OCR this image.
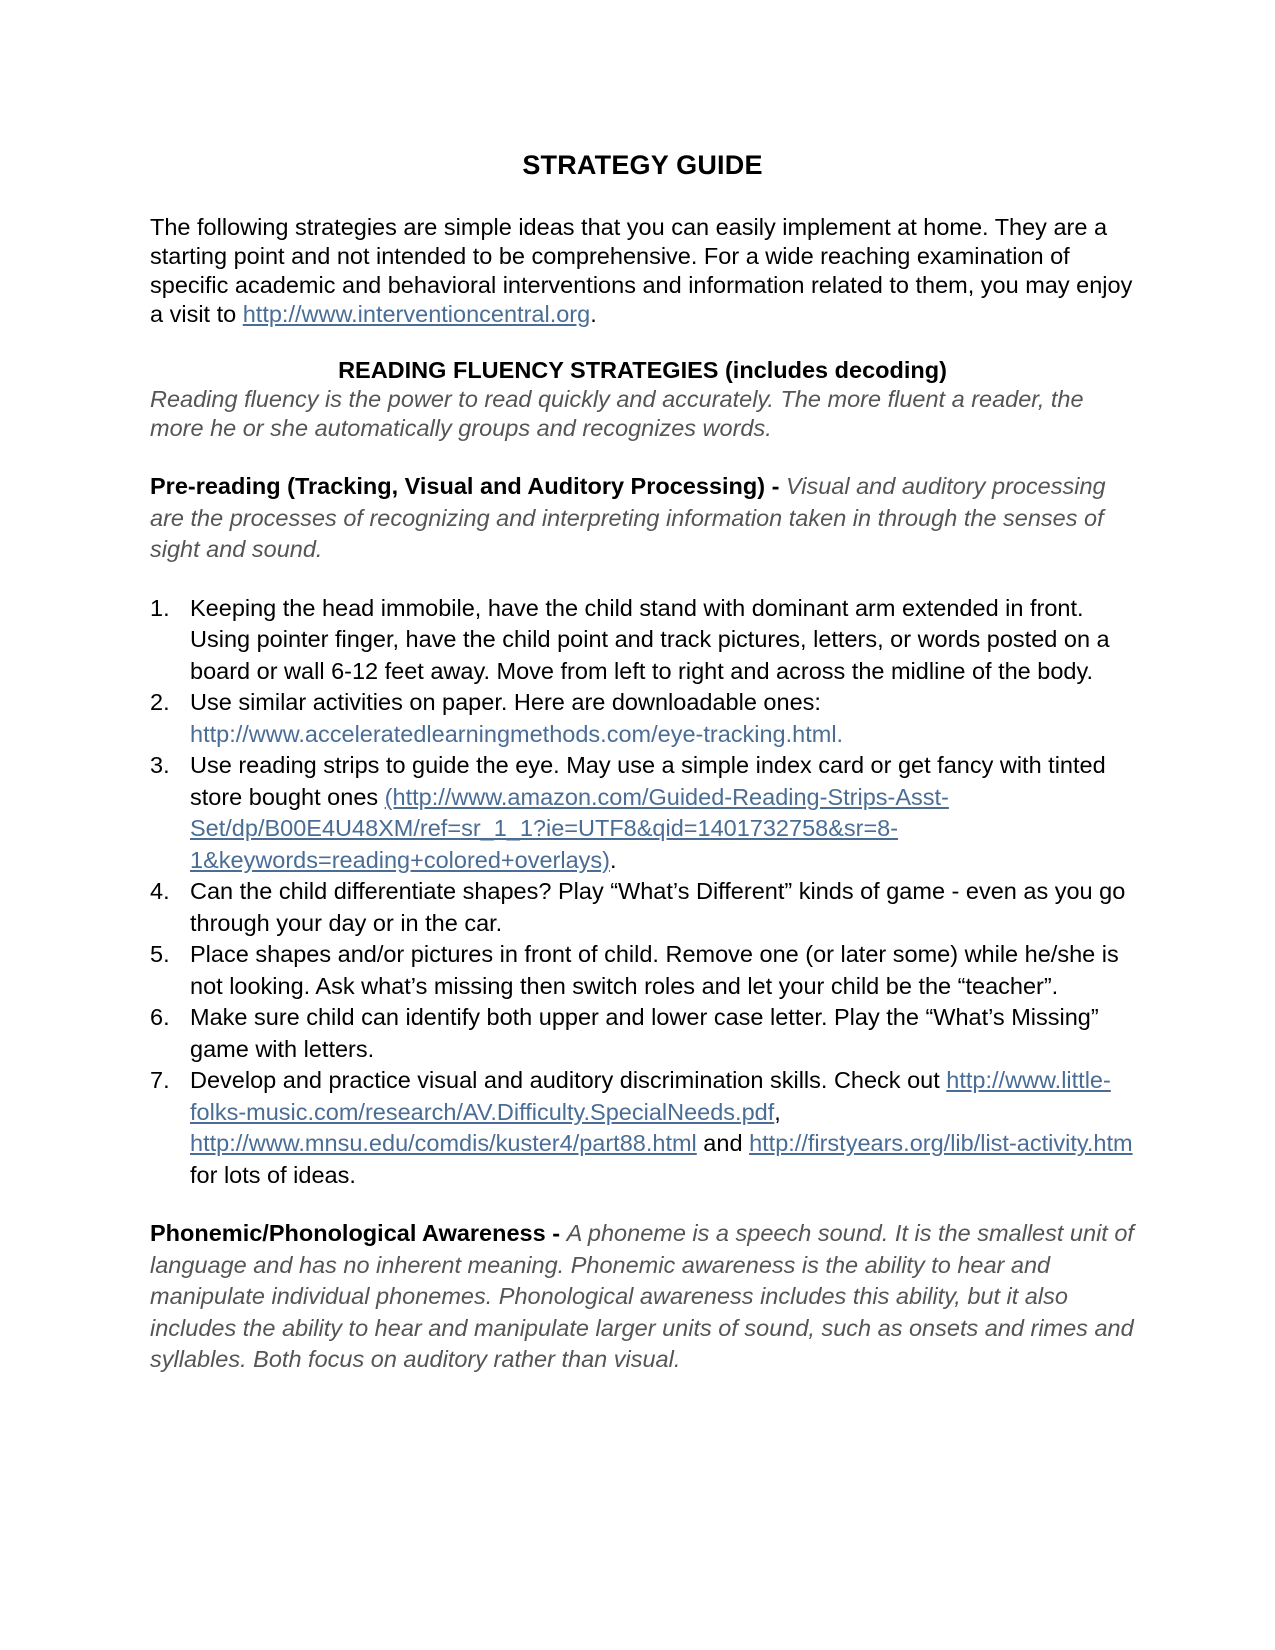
STRATEGY GUIDE

The following strategies are simple ideas that you can easily implement at home. They are a starting point and not intended to be comprehensive. For a wide reaching examination of specific academic and behavioral interventions and information related to them, you may enjoy a visit to http://www.interventioncentral.org.

READING FLUENCY STRATEGIES (includes decoding)

Reading fluency is the power to read quickly and accurately. The more fluent a reader, the more he or she automatically groups and recognizes words.

Pre-reading (Tracking, Visual and Auditory Processing) - Visual and auditory processing are the processes of recognizing and interpreting information taken in through the senses of sight and sound.

1. Keeping the head immobile, have the child stand with dominant arm extended in front. Using pointer finger, have the child point and track pictures, letters, or words posted on a board or wall 6-12 feet away. Move from left to right and across the midline of the body.
2. Use similar activities on paper. Here are downloadable ones: http://www.acceleratedlearningmethods.com/eye-tracking.html.
3. Use reading strips to guide the eye. May use a simple index card or get fancy with tinted store bought ones (http://www.amazon.com/Guided-Reading-Strips-Asst-Set/dp/B00E4U48XM/ref=sr_1_1?ie=UTF8&qid=1401732758&sr=8-1&keywords=reading+colored+overlays).
4. Can the child differentiate shapes? Play “What’s Different” kinds of game - even as you go through your day or in the car.
5. Place shapes and/or pictures in front of child. Remove one (or later some) while he/she is not looking. Ask what’s missing then switch roles and let your child be the “teacher”.
6. Make sure child can identify both upper and lower case letter. Play the “What’s Missing” game with letters.
7. Develop and practice visual and auditory discrimination skills. Check out http://www.little-folks-music.com/research/AV.Difficulty.SpecialNeeds.pdf, http://www.mnsu.edu/comdis/kuster4/part88.html and http://firstyears.org/lib/list-activity.htm for lots of ideas.

Phonemic/Phonological Awareness - A phoneme is a speech sound. It is the smallest unit of language and has no inherent meaning. Phonemic awareness is the ability to hear and manipulate individual phonemes. Phonological awareness includes this ability, but it also includes the ability to hear and manipulate larger units of sound, such as onsets and rimes and syllables. Both focus on auditory rather than visual.
